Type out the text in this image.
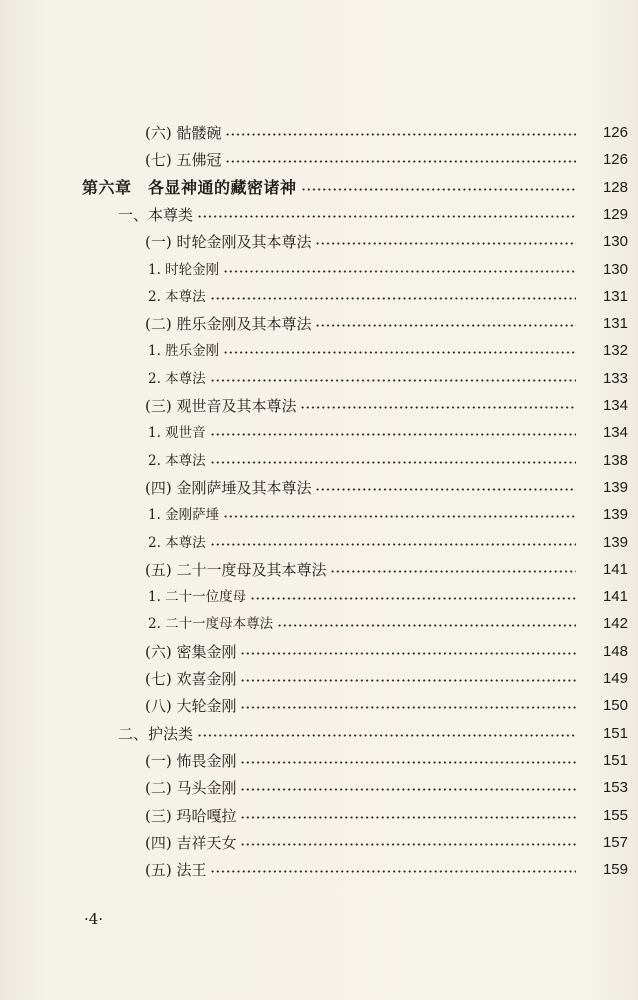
(六) 骷髅碗	126
(七) 五佛冠	126
第六章　各显神通的藏密诸神	128
一、本尊类	129
(一) 时轮金刚及其本尊法	130
1. 时轮金刚	130
2. 本尊法	131
(二) 胜乐金刚及其本尊法	131
1. 胜乐金刚	132
2. 本尊法	133
(三) 观世音及其本尊法	134
1. 观世音	134
2. 本尊法	138
(四) 金刚萨埵及其本尊法	139
1. 金刚萨埵	139
2. 本尊法	139
(五) 二十一度母及其本尊法	141
1. 二十一位度母	141
2. 二十一度母本尊法	142
(六) 密集金刚	148
(七) 欢喜金刚	149
(八) 大轮金刚	150
二、护法类	151
(一) 怖畏金刚	151
(二) 马头金刚	153
(三) 玛哈嘎拉	155
(四) 吉祥天女	157
(五) 法王	159
·4·
